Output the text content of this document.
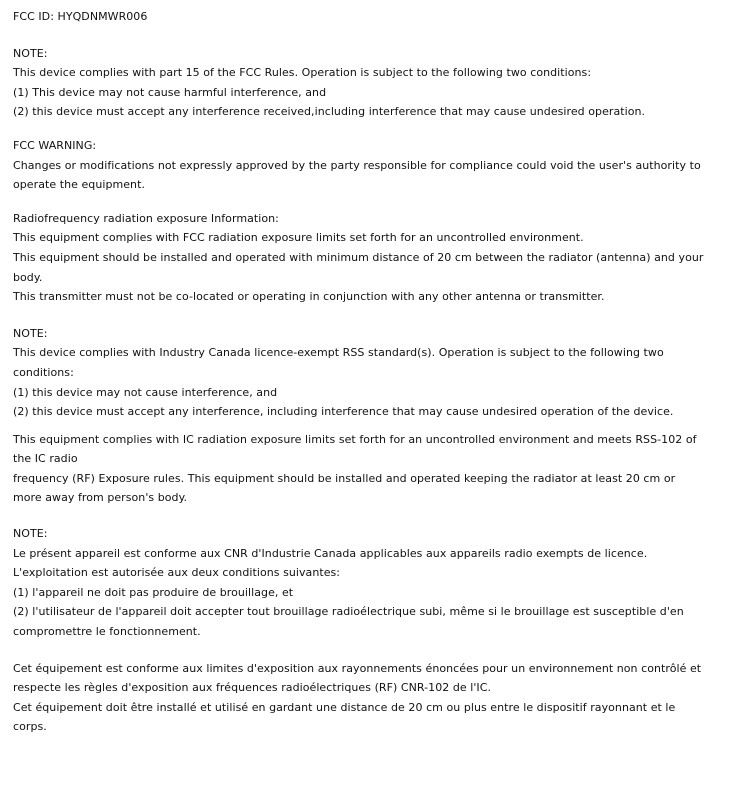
FCC ID: HYQDNMWR006
NOTE:
This device complies with part 15 of the FCC Rules. Operation is subject to the following two conditions:
(1) This device may not cause harmful interference, and
(2) this device must accept any interference received,including interference that may cause undesired operation.
FCC WARNING:
Changes or modifications not expressly approved by the party responsible for compliance could void the user's authority to
operate the equipment.
Radiofrequency radiation exposure Information:
This equipment complies with FCC radiation exposure limits set forth for an uncontrolled environment.
This equipment should be installed and operated with minimum distance of 20 cm between the radiator (antenna) and your
body.
This transmitter must not be co-located or operating in conjunction with any other antenna or transmitter.
NOTE:
This device complies with Industry Canada licence-exempt RSS standard(s). Operation is subject to the following two
conditions:
(1) this device may not cause interference, and
(2) this device must accept any interference, including interference that may cause undesired operation of the device.
This equipment complies with IC radiation exposure limits set forth for an uncontrolled environment and meets RSS-102 of
the IC radio
frequency (RF) Exposure rules. This equipment should be installed and operated keeping the radiator at least 20 cm or
more away from person's body.
NOTE:
Le présent appareil est conforme aux CNR d'Industrie Canada applicables aux appareils radio exempts de licence.
L'exploitation est autorisée aux deux conditions suivantes:
(1) l'appareil ne doit pas produire de brouillage, et
(2) l'utilisateur de l'appareil doit accepter tout brouillage radioélectrique subi, même si le brouillage est susceptible d'en
compromettre le fonctionnement.
Cet équipement est conforme aux limites d'exposition aux rayonnements énoncées pour un environnement non contrôlé et
respecte les règles d'exposition aux fréquences radioélectriques (RF) CNR-102 de l'IC.
Cet équipement doit être installé et utilisé en gardant une distance de 20 cm ou plus entre le dispositif rayonnant et le
corps.
